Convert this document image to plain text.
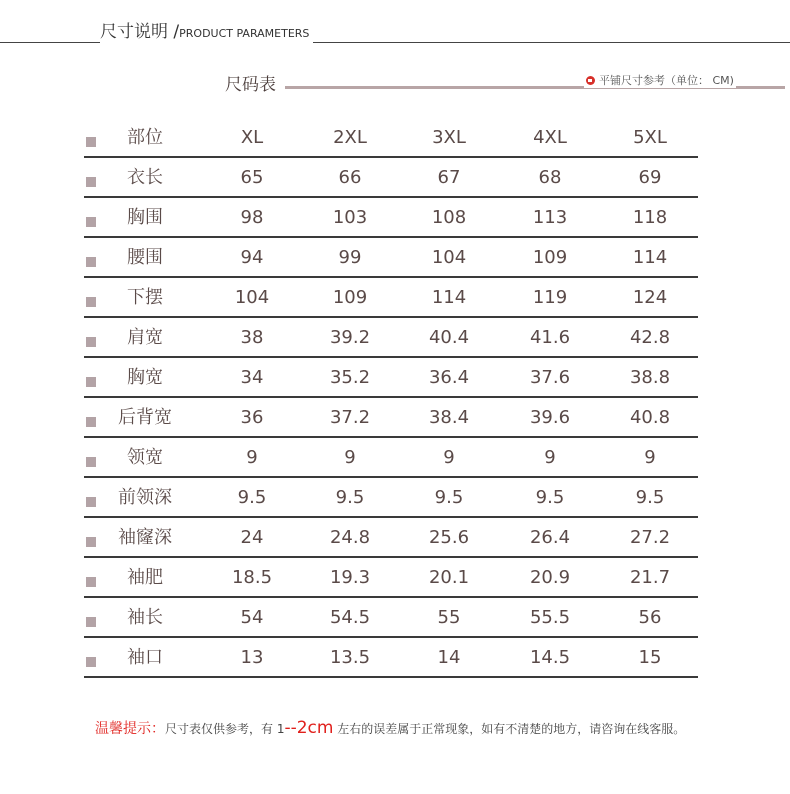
尺寸说明 /PRODUCT PARAMETERS
尺码表	平铺尺寸参考（单位： CM)
部位	XL	2XL	3XL	4XL	5XL
衣长	65	66	67	68	69
胸围	98	103	108	113	118
腰围	94	99	104	109	114
下摆	104	109	114	119	124
肩宽	38	39.2	40.4	41.6	42.8
胸宽	34	35.2	36.4	37.6	38.8
后背宽	36	37.2	38.4	39.6	40.8
领宽	9	9	9	9	9
前领深	9.5	9.5	9.5	9.5	9.5
袖窿深	24	24.8	25.6	26.4	27.2
袖肥	18.5	19.3	20.1	20.9	21.7
袖长	54	54.5	55	55.5	56
袖口	13	13.5	14	14.5	15
温馨提示：尺寸表仅供参考，有 1--2cm 左右的误差属于正常现象，如有不清楚的地方，请咨询在线客服。
